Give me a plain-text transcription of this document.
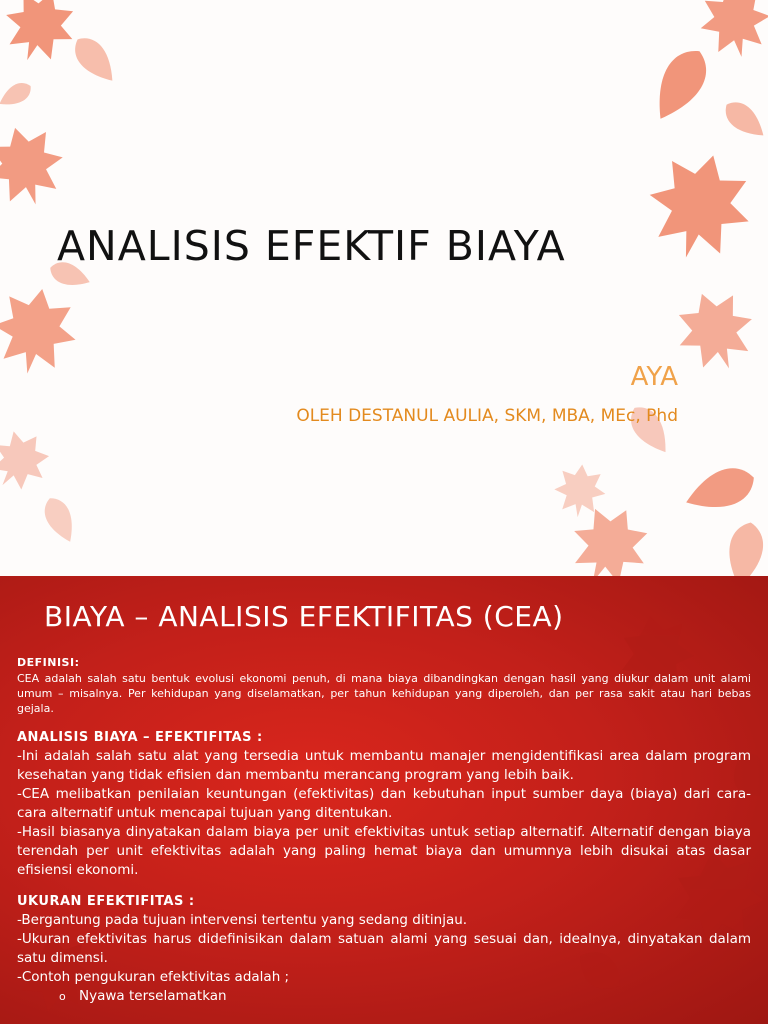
ANALISIS EFEKTIF BIAYA
AYA
OLEH DESTANUL AULIA, SKM, MBA, MEc, Phd
BIAYA – ANALISIS EFEKTIFITAS (CEA)

DEFINISI:

CEA adalah salah satu bentuk evolusi ekonomi penuh, di mana biaya dibandingkan dengan hasil yang diukur dalam unit alami umum – misalnya. Per kehidupan yang diselamatkan, per tahun kehidupan yang diperoleh, dan per rasa sakit atau hari bebas gejala.

ANALISIS BIAYA – EFEKTIFITAS :

-Ini adalah salah satu alat yang tersedia untuk membantu manajer mengidentifikasi area dalam program kesehatan yang tidak efisien dan membantu merancang program yang lebih baik.

-CEA melibatkan penilaian keuntungan (efektivitas) dan kebutuhan input sumber daya (biaya) dari cara-cara alternatif untuk mencapai tujuan yang ditentukan.

-Hasil biasanya dinyatakan dalam biaya per unit efektivitas untuk setiap alternatif. Alternatif dengan biaya terendah per unit efektivitas adalah yang paling hemat biaya dan umumnya lebih disukai atas dasar efisiensi ekonomi.

UKURAN EFEKTIFITAS :

-Bergantung pada tujuan intervensi tertentu yang sedang ditinjau.

-Ukuran efektivitas harus didefinisikan dalam satuan alami yang sesuai dan, idealnya, dinyatakan dalam satu dimensi.

-Contoh pengukuran efektivitas adalah ;

o Nyawa terselamatkan
